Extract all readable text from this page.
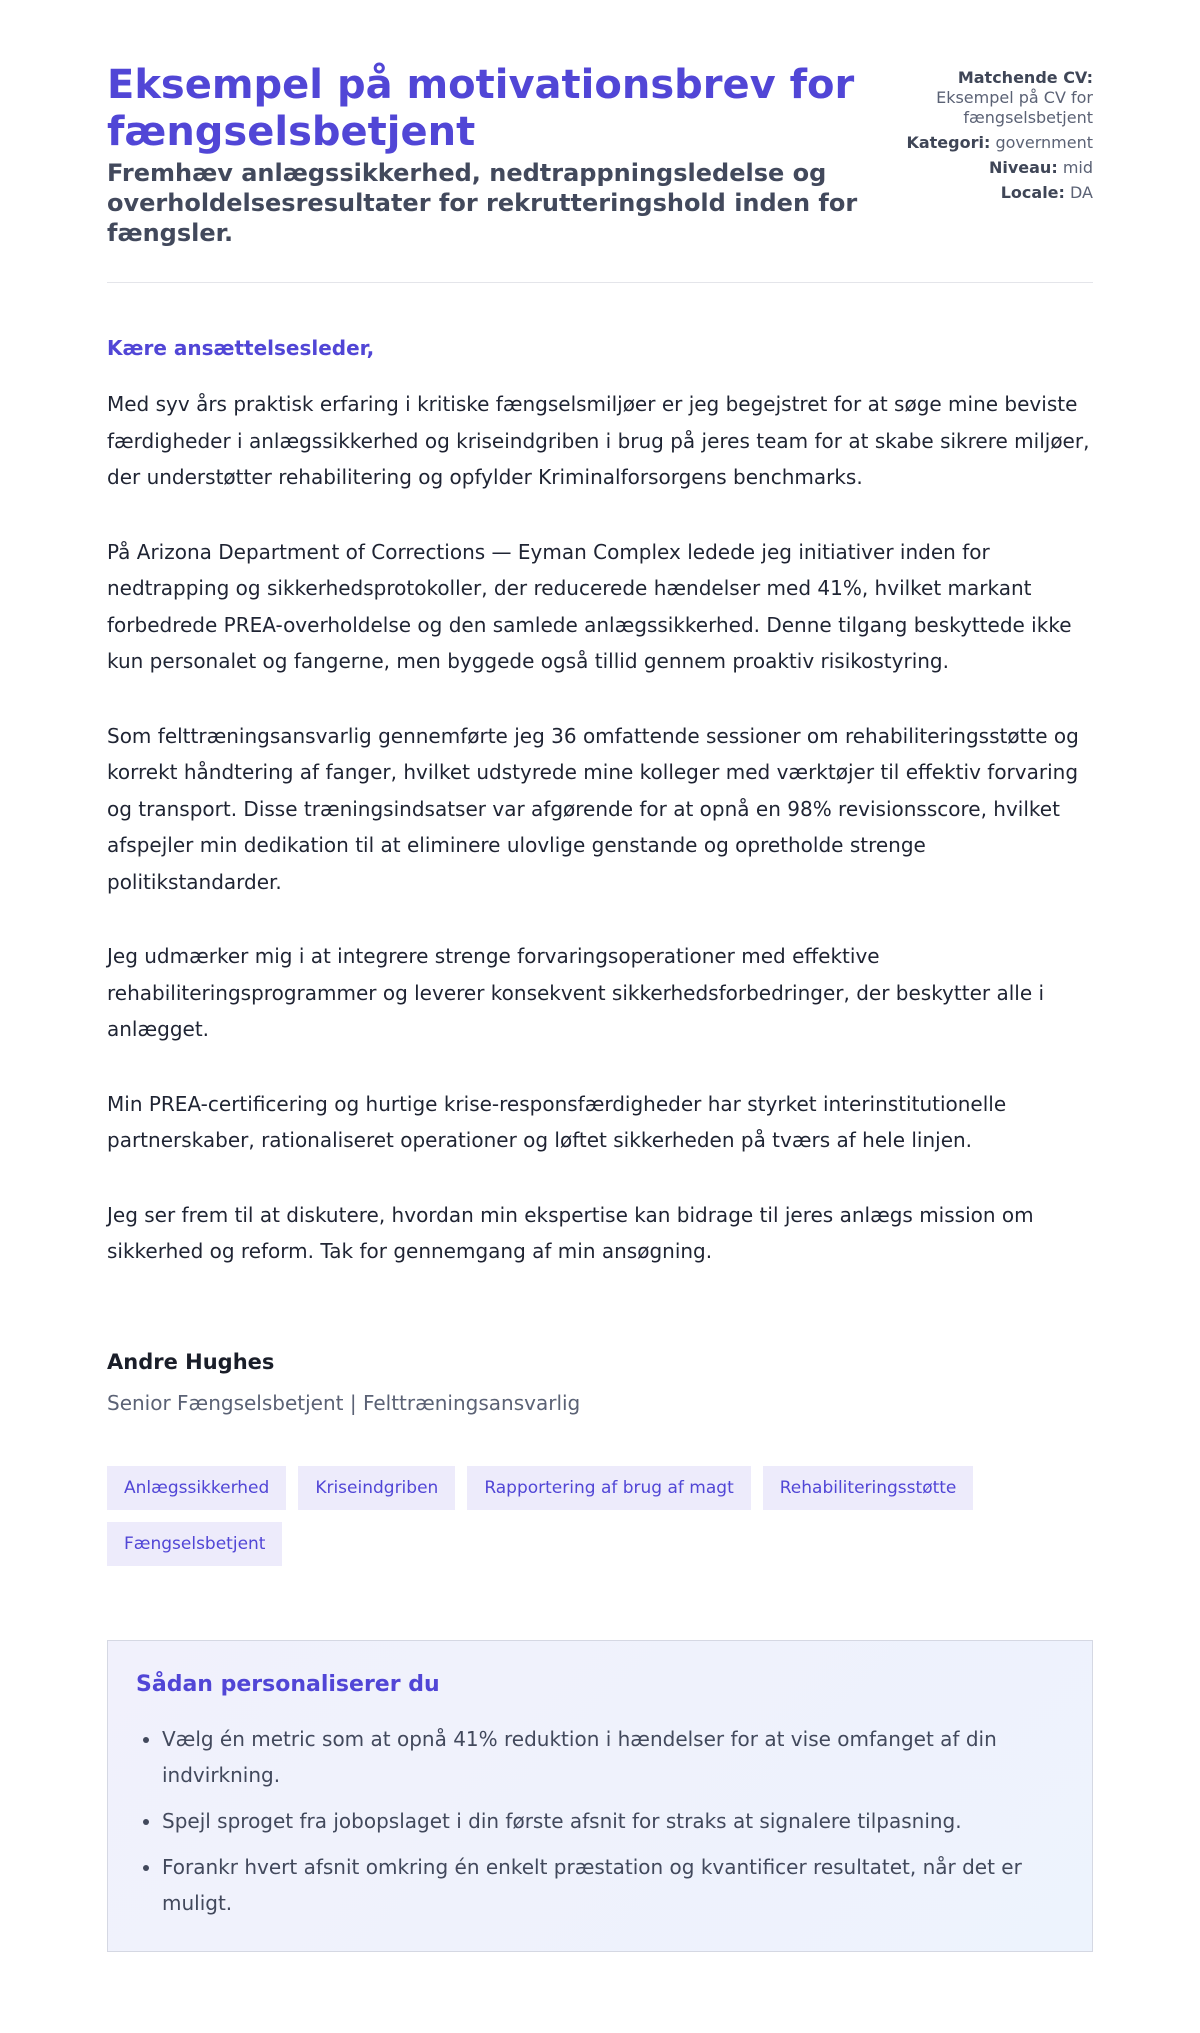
Eksempel på motivationsbrev for fængselsbetjent
Fremhæv anlægssikkerhed, nedtrappningsledelse og overholdelsesresultater for rekrutteringshold inden for fængsler.
Matchende CV:
Eksempel på CV for fængselsbetjent
Kategori: government
Niveau: mid
Locale: DA

Kære ansættelsesleder,

Med syv års praktisk erfaring i kritiske fængselsmiljøer er jeg begejstret for at søge mine beviste færdigheder i anlægssikkerhed og kriseindgriben i brug på jeres team for at skabe sikrere miljøer, der understøtter rehabilitering og opfylder Kriminalforsorgens benchmarks.

På Arizona Department of Corrections — Eyman Complex ledede jeg initiativer inden for nedtrapping og sikkerhedsprotokoller, der reducerede hændelser med 41%, hvilket markant forbedrede PREA-overholdelse og den samlede anlægssikkerhed. Denne tilgang beskyttede ikke kun personalet og fangerne, men byggede også tillid gennem proaktiv risikostyring.

Som felttræningsansvarlig gennemførte jeg 36 omfattende sessioner om rehabiliteringsstøtte og korrekt håndtering af fanger, hvilket udstyrede mine kolleger med værktøjer til effektiv forvaring og transport. Disse træningsindsatser var afgørende for at opnå en 98% revisionsscore, hvilket afspejler min dedikation til at eliminere ulovlige genstande og opretholde strenge politikstandarder.

Jeg udmærker mig i at integrere strenge forvaringsoperationer med effektive rehabiliteringsprogrammer og leverer konsekvent sikkerhedsforbedringer, der beskytter alle i anlægget.

Min PREA-certificering og hurtige krise-responsfærdigheder har styrket interinstitutionelle partnerskaber, rationaliseret operationer og løftet sikkerheden på tværs af hele linjen.

Jeg ser frem til at diskutere, hvordan min ekspertise kan bidrage til jeres anlægs mission om sikkerhed og reform. Tak for gennemgang af min ansøgning.

Andre Hughes
Senior Fængselsbetjent | Felttræningsansvarlig
Anlægssikkerhed	Kriseindgriben	Rapportering af brug af magt	Rehabiliteringsstøtte
Fængselsbetjent
Sådan personaliserer du
• Vælg én metric som at opnå 41% reduktion i hændelser for at vise omfanget af din indvirkning.
• Spejl sproget fra jobopslaget i din første afsnit for straks at signalere tilpasning.
• Forankr hvert afsnit omkring én enkelt præstation og kvantificer resultatet, når det er muligt.
